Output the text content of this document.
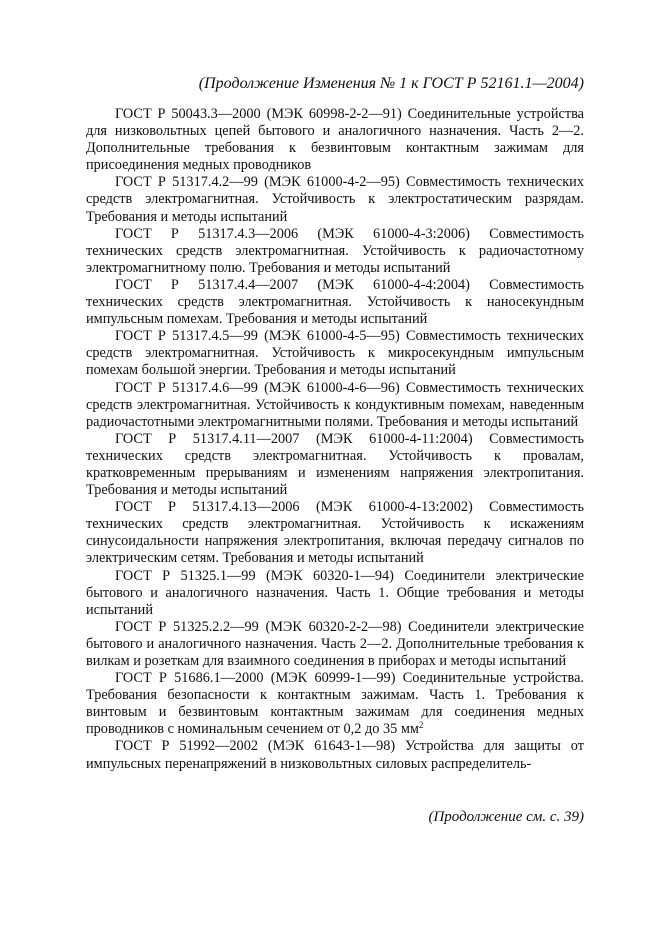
(Продолжение Изменения № 1 к ГОСТ Р 52161.1—2004)

ГОСТ Р 50043.3—2000 (МЭК 60998-2-2—91) Соединительные устройства для низковольтных цепей бытового и аналогичного назначения. Часть 2—2. Дополнительные требования к безвинтовым контактным зажимам для присоединения медных проводников

ГОСТ Р 51317.4.2—99 (МЭК 61000-4-2—95) Совместимость технических средств электромагнитная. Устойчивость к электростатическим разрядам. Требования и методы испытаний

ГОСТ Р 51317.4.3—2006 (МЭК 61000-4-3:2006) Совместимость технических средств электромагнитная. Устойчивость к радиочастотному электромагнитному полю. Требования и методы испытаний

ГОСТ Р 51317.4.4—2007 (МЭК 61000-4-4:2004) Совместимость технических средств электромагнитная. Устойчивость к наносекундным импульсным помехам. Требования и методы испытаний

ГОСТ Р 51317.4.5—99 (МЭК 61000-4-5—95) Совместимость технических средств электромагнитная. Устойчивость к микросекундным импульсным помехам большой энергии. Требования и методы испытаний

ГОСТ Р 51317.4.6—99 (МЭК 61000-4-6—96) Совместимость технических средств электромагнитная. Устойчивость к кондуктивным помехам, наведенным радиочастотными электромагнитными полями. Требования и методы испытаний

ГОСТ Р 51317.4.11—2007 (МЭК 61000-4-11:2004) Совместимость технических средств электромагнитная. Устойчивость к провалам, кратковременным прерываниям и изменениям напряжения электропитания. Требования и методы испытаний

ГОСТ Р 51317.4.13—2006 (МЭК 61000-4-13:2002) Совместимость технических средств электромагнитная. Устойчивость к искажениям синусоидальности напряжения электропитания, включая передачу сигналов по электрическим сетям. Требования и методы испытаний

ГОСТ Р 51325.1—99 (МЭК 60320-1—94) Соединители электрические бытового и аналогичного назначения. Часть 1. Общие требования и методы испытаний

ГОСТ Р 51325.2.2—99 (МЭК 60320-2-2—98) Соединители электрические бытового и аналогичного назначения. Часть 2—2. Дополнительные требования к вилкам и розеткам для взаимного соединения в приборах и методы испытаний

ГОСТ Р 51686.1—2000 (МЭК 60999-1—99) Соединительные устройства. Требования безопасности к контактным зажимам. Часть 1. Требования к винтовым и безвинтовым контактным зажимам для соединения медных проводников с номинальным сечением от 0,2 до 35 $мм^2$

ГОСТ Р 51992—2002 (МЭК 61643-1—98) Устройства для защиты от импульсных перенапряжений в низковольтных силовых распределитель-

(Продолжение см. с. 39)
